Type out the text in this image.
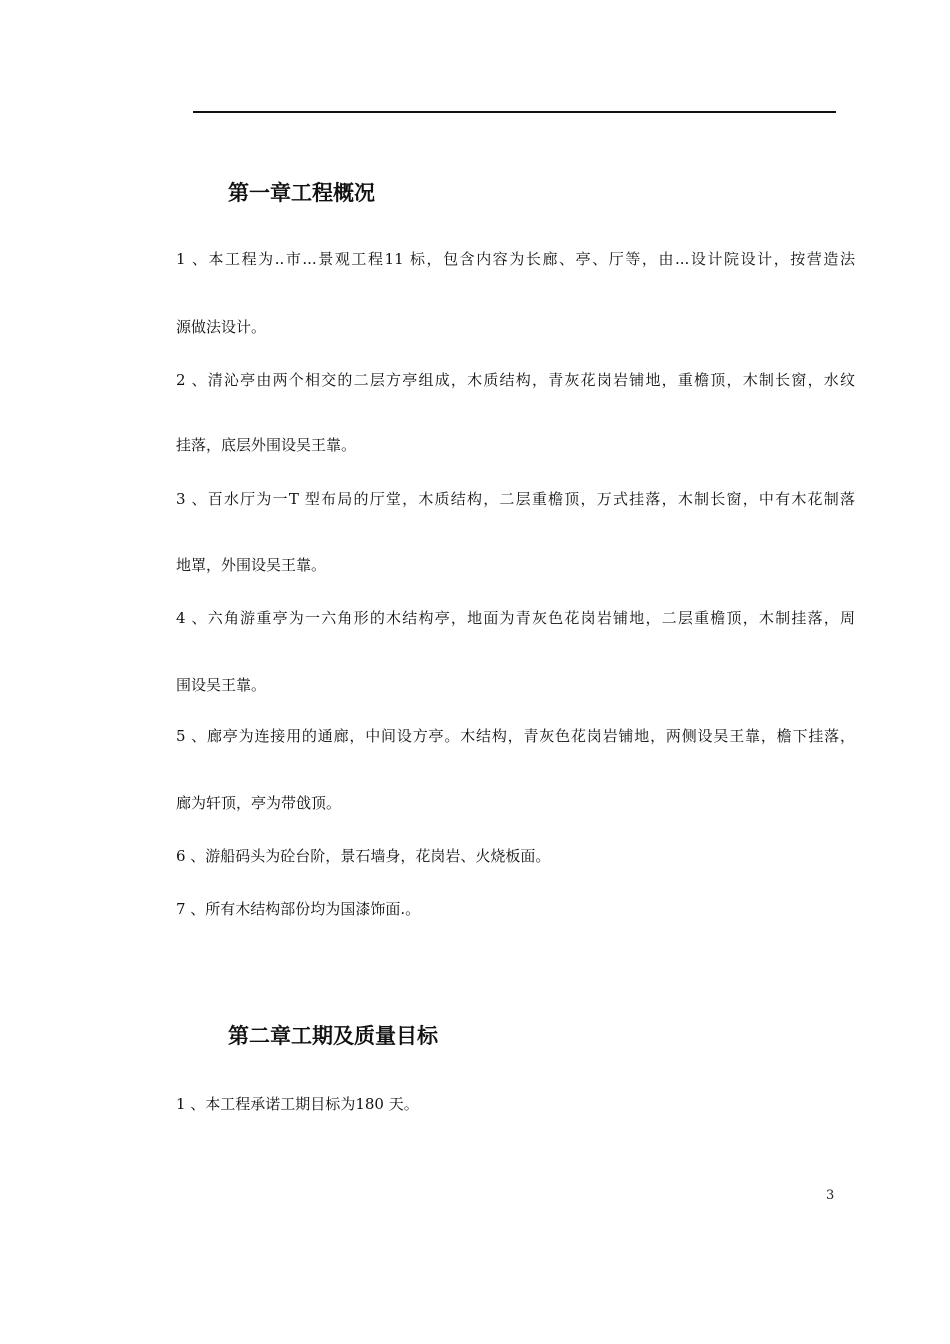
第一章工程概况

1 、本工程为..市...景观工程11 标，包含内容为长廊、亭、厅等，由...设计院设计，按营造法

源做法设计。

2 、清沁亭由两个相交的二层方亭组成，木质结构，青灰花岗岩铺地，重檐顶，木制长窗，水纹

挂落，底层外围设吴王靠。

3 、百水厅为一T 型布局的厅堂，木质结构，二层重檐顶，万式挂落，木制长窗，中有木花制落

地罩，外围设吴王靠。

4 、六角游重亭为一六角形的木结构亭，地面为青灰色花岗岩铺地，二层重檐顶，木制挂落，周

围设吴王靠。

5 、廊亭为连接用的通廊，中间设方亭。木结构，青灰色花岗岩铺地，两侧设吴王靠，檐下挂落，

廊为轩顶，亭为带戗顶。

6 、游船码头为砼台阶，景石墙身，花岗岩、火烧板面。

7 、所有木结构部份均为国漆饰面.。

第二章工期及质量目标

1 、本工程承诺工期目标为180 天。

3
